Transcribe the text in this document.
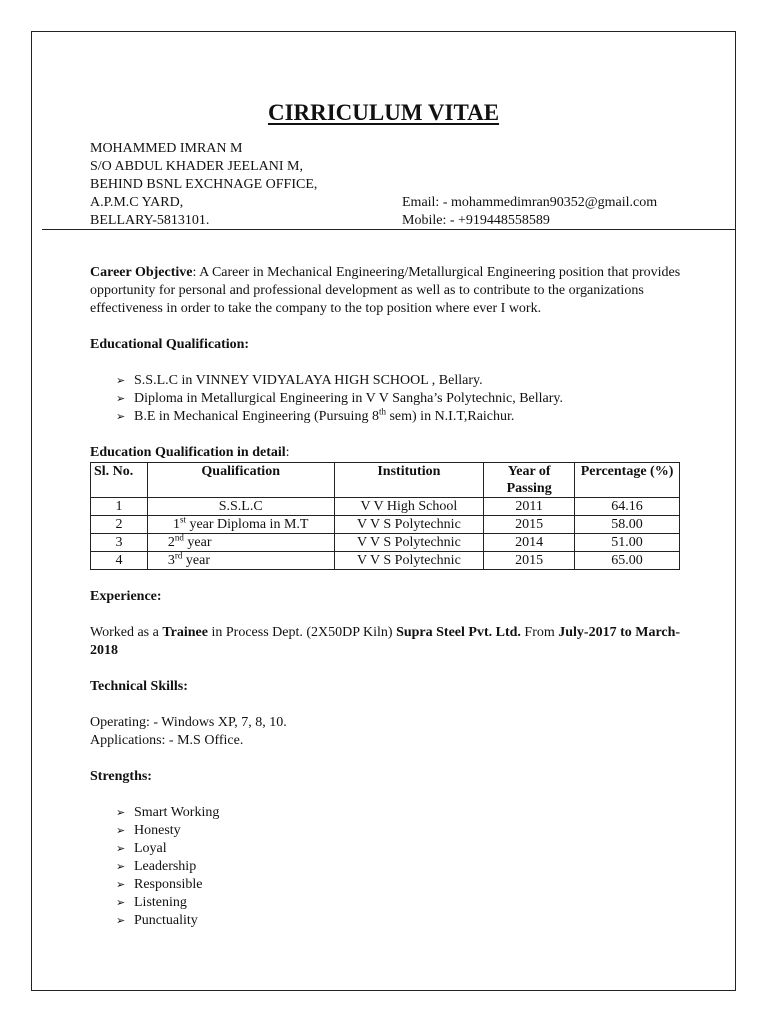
CIRRICULUM VITAE
MOHAMMED IMRAN M
S/O ABDUL KHADER JEELANI M,
BEHIND BSNL EXCHNAGE OFFICE,
A.P.M.C YARD,
BELLARY-5813101.
Email: - mohammedimran90352@gmail.com
Mobile: - +919448558589

Career Objective: A Career in Mechanical Engineering/Metallurgical Engineering position that provides opportunity for personal and professional development as well as to contribute to the organizations effectiveness in order to take the company to the top position where ever I work.

Educational Qualification:

➢ S.S.L.C in VINNEY VIDYALAYA HIGH SCHOOL , Bellary.
➢ Diploma in Metallurgical Engineering in V V Sangha’s Polytechnic, Bellary.
➢ B.E in Mechanical Engineering (Pursuing 8th sem) in N.I.T,Raichur.

Education Qualification in detail:

Sl. No.	Qualification	Institution	Year of Passing	Percentage (%)
1	S.S.L.C	V V High School	2011	64.16
2	1st year Diploma in M.T	V V S Polytechnic	2015	58.00
3	2nd year	V V S Polytechnic	2014	51.00
4	3rd year	V V S Polytechnic	2015	65.00

Experience:

Worked as a Trainee in Process Dept. (2X50DP Kiln) Supra Steel Pvt. Ltd. From July-2017 to March-2018

Technical Skills:

Operating: - Windows XP, 7, 8, 10.

Applications: - M.S Office.

Strengths:

➢ Smart Working
➢ Honesty
➢ Loyal
➢ Leadership
➢ Responsible
➢ Listening
➢ Punctuality
